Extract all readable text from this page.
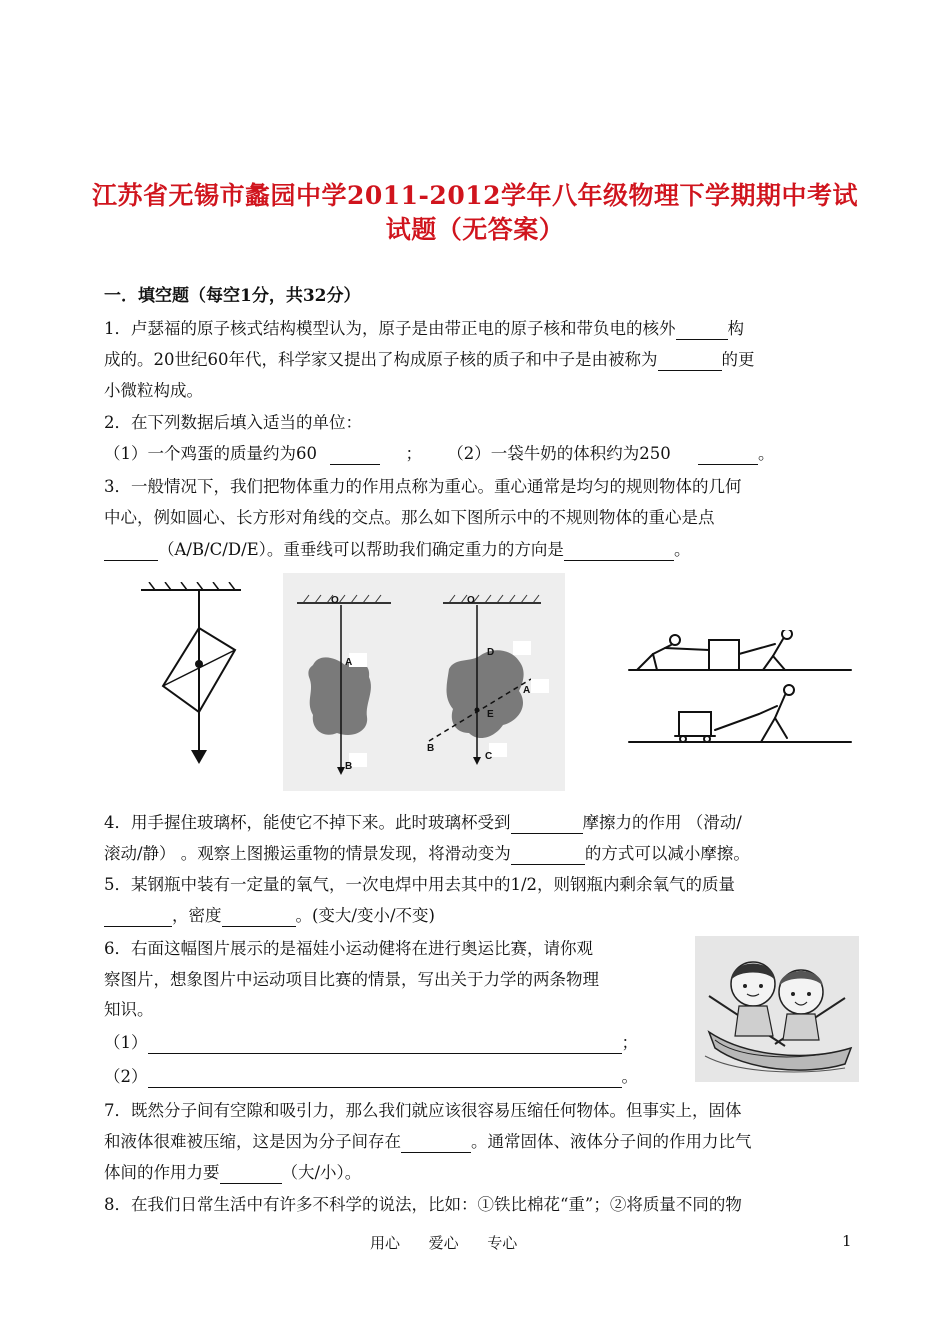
江苏省无锡市蠡园中学2011-2012学年八年级物理下学期期中考试
试题（无答案）
一．填空题（每空1分，共32分）
1．卢瑟福的原子核式结构模型认为，原子是由带正电的原子核和带负电的核外	构
成的。20世纪60年代，科学家又提出了构成原子核的质子和中子是由被称为	的更
小微粒构成。
2．在下列数据后填入适当的单位：
（1）一个鸡蛋的质量约为60	； （2）一袋牛奶的体积约为250	。
3．一般情况下，我们把物体重力的作用点称为重心。重心通常是均匀的规则物体的几何
中心，例如圆心、长方形对角线的交点。那么如下图所示中的不规则物体的重心是点
（A/B/C/D/E）。重垂线可以帮助我们确定重力的方向是	。
O
A
B
O
D
A
E
B
C
4．用手握住玻璃杯，能使它不掉下来。此时玻璃杯受到	摩擦力的作用 （滑动/
滚动/静） 。观察上图搬运重物的情景发现，将滑动变为	的方式可以减小摩擦。
5．某钢瓶中装有一定量的氧气，一次电焊中用去其中的1/2，则钢瓶内剩余氧气的质量
，密度	。(变大/变小/不变)
6．右面这幅图片展示的是福娃小运动健将在进行奥运比赛，请你观
察图片，想象图片中运动项目比赛的情景，写出关于力学的两条物理
知识。
（1）	；
（2）	。
7．既然分子间有空隙和吸引力，那么我们就应该很容易压缩任何物体。但事实上，固体
和液体很难被压缩，这是因为分子间存在	。通常固体、液体分子间的作用力比气
体间的作用力要	（大/小）。
8．在我们日常生活中有许多不科学的说法，比如：①铁比棉花“重”；②将质量不同的物
用心      爱心      专心	1
